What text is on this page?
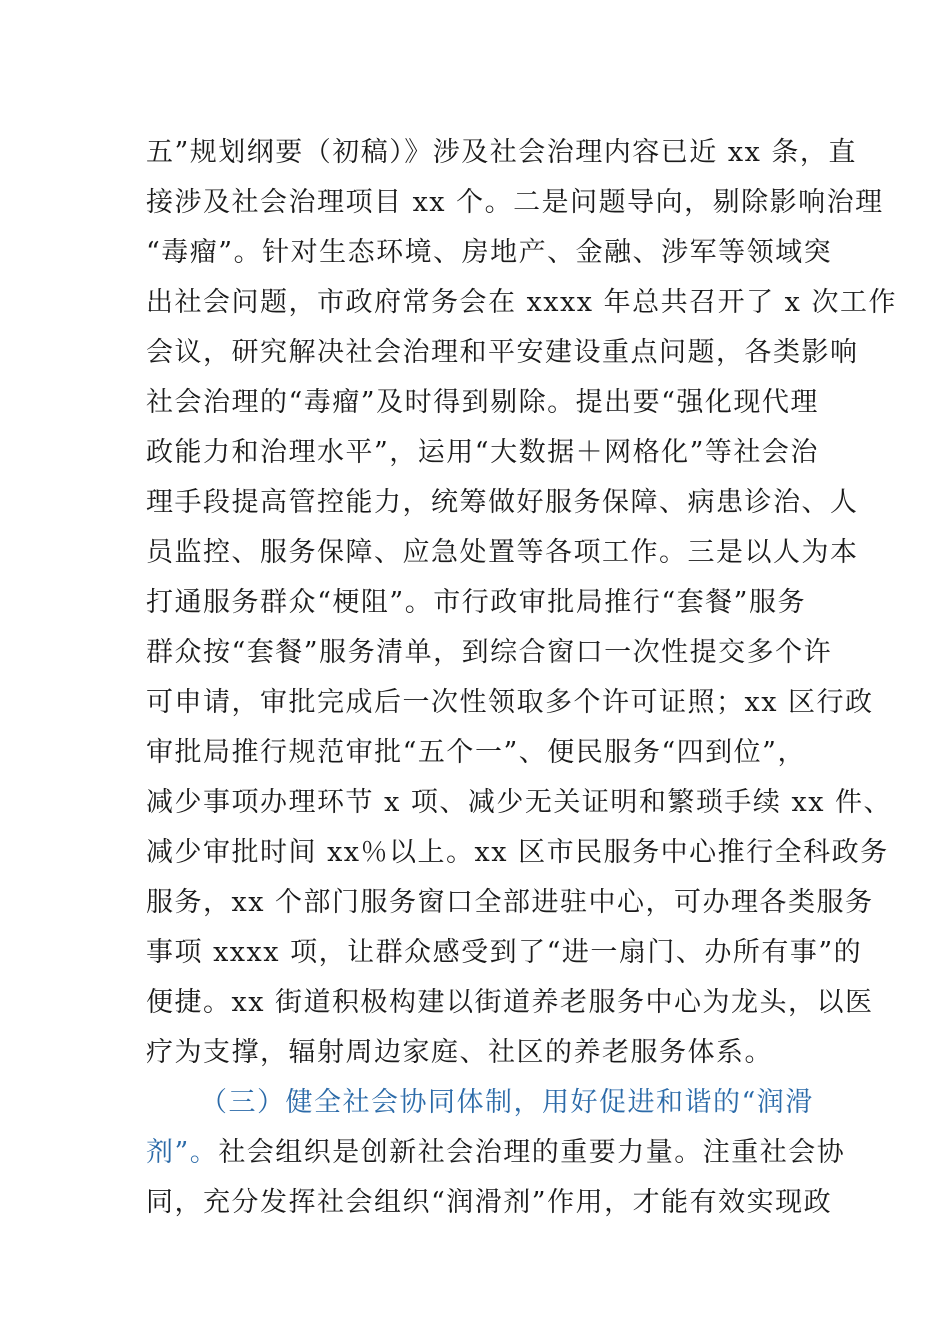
五”规划纲要（初稿）》涉及社会治理内容已近 xx 条，直
接涉及社会治理项目 xx 个。二是问题导向，剔除影响治理
“毒瘤”。针对生态环境、房地产、金融、涉军等领域突
出社会问题，市政府常务会在 xxxx 年总共召开了 x 次工作
会议，研究解决社会治理和平安建设重点问题，各类影响
社会治理的“毒瘤”及时得到剔除。提出要“强化现代理
政能力和治理水平”，运用“大数据＋网格化”等社会治
理手段提高管控能力，统筹做好服务保障、病患诊治、人
员监控、服务保障、应急处置等各项工作。三是以人为本
打通服务群众“梗阻”。市行政审批局推行“套餐”服务
群众按“套餐”服务清单，到综合窗口一次性提交多个许
可申请，审批完成后一次性领取多个许可证照；xx 区行政
审批局推行规范审批“五个一”、便民服务“四到位”，
减少事项办理环节 x 项、减少无关证明和繁琐手续 xx 件、
减少审批时间 xx％以上。xx 区市民服务中心推行全科政务
服务，xx 个部门服务窗口全部进驻中心，可办理各类服务
事项 xxxx 项，让群众感受到了“进一扇门、办所有事”的
便捷。xx 街道积极构建以街道养老服务中心为龙头，以医
疗为支撑，辐射周边家庭、社区的养老服务体系。
（三）健全社会协同体制，用好促进和谐的“润滑
剂”。社会组织是创新社会治理的重要力量。注重社会协
同，充分发挥社会组织“润滑剂”作用，才能有效实现政
